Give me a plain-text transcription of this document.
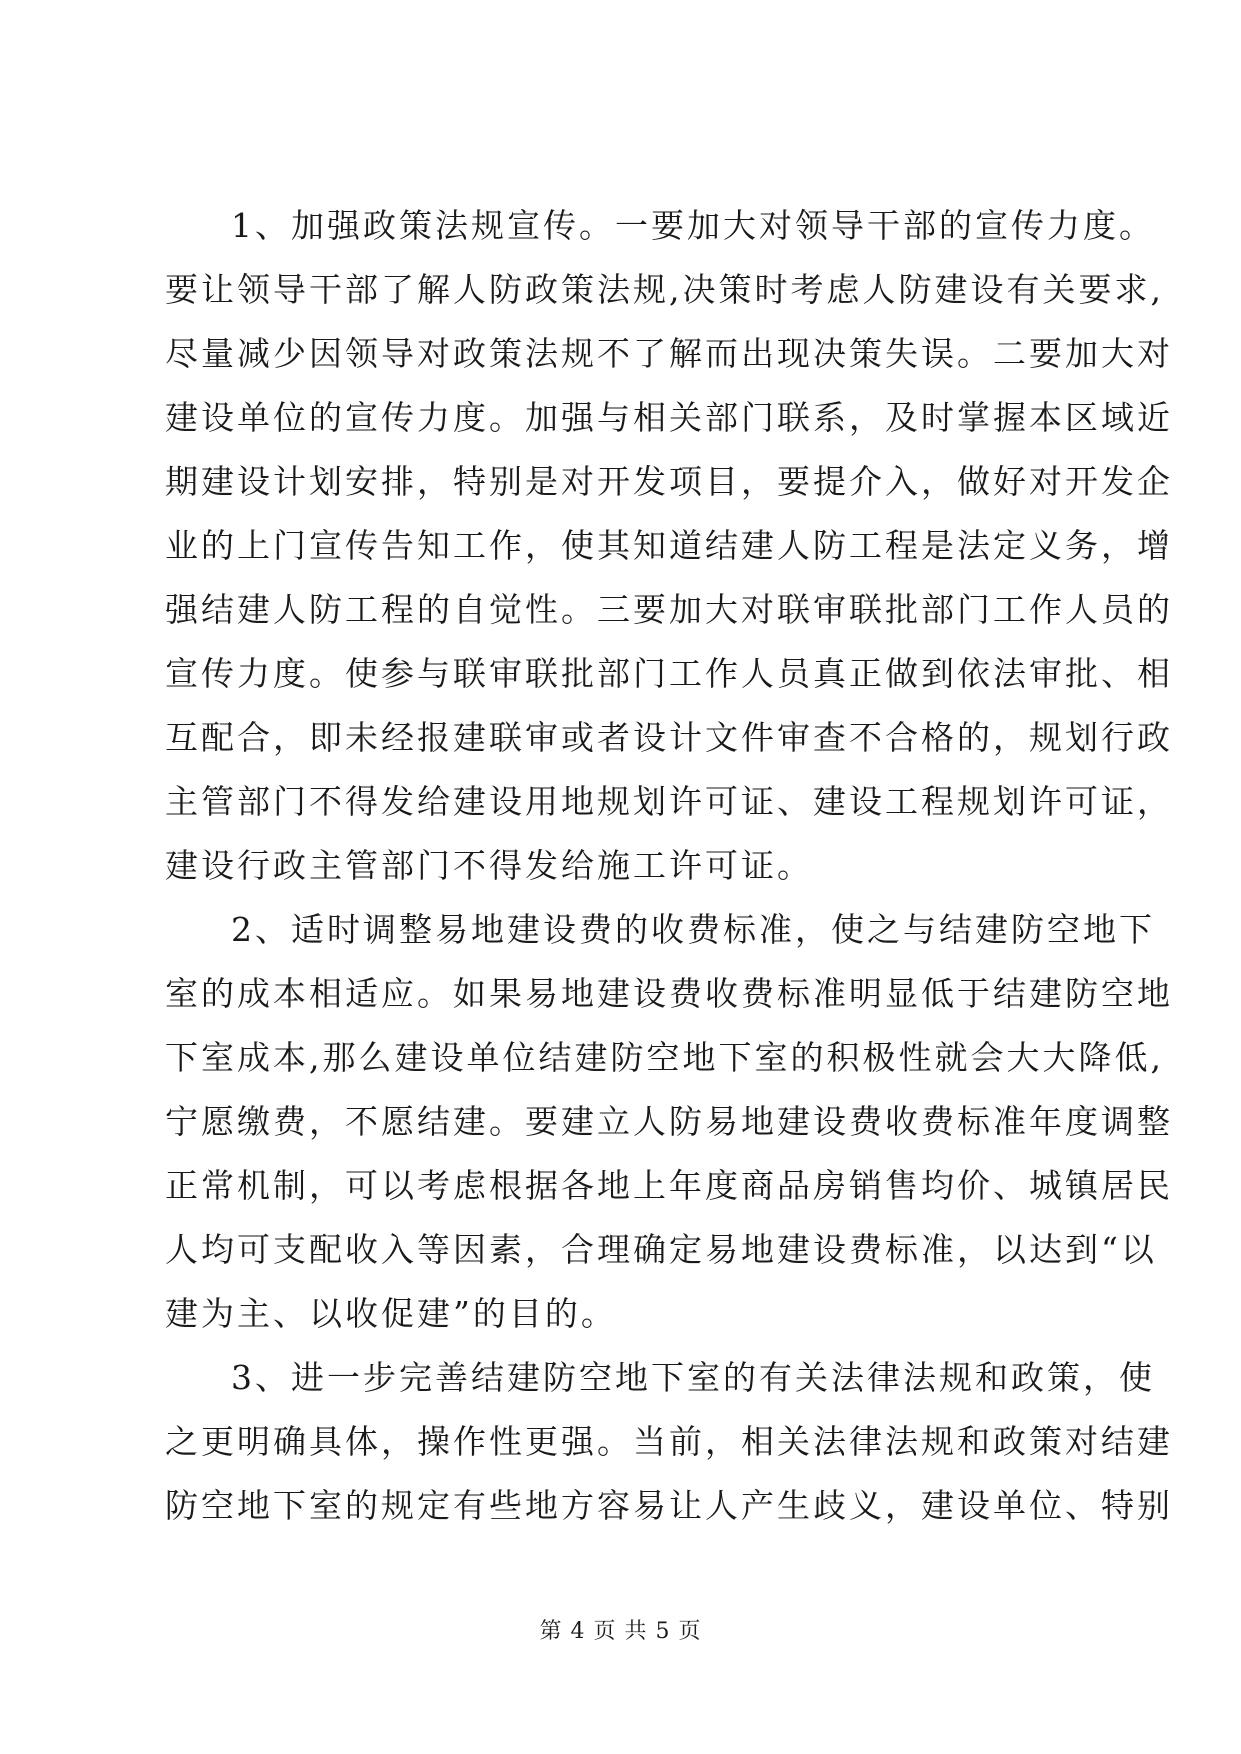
1、加强政策法规宣传。一要加大对领导干部的宣传力度。
要让领导干部了解人防政策法规,决策时考虑人防建设有关要求,
尽量减少因领导对政策法规不了解而出现决策失误。二要加大对
建设单位的宣传力度。加强与相关部门联系，及时掌握本区域近
期建设计划安排，特别是对开发项目，要提介入，做好对开发企
业的上门宣传告知工作，使其知道结建人防工程是法定义务，增
强结建人防工程的自觉性。三要加大对联审联批部门工作人员的
宣传力度。使参与联审联批部门工作人员真正做到依法审批、相
互配合，即未经报建联审或者设计文件审查不合格的，规划行政
主管部门不得发给建设用地规划许可证、建设工程规划许可证，
建设行政主管部门不得发给施工许可证。
2、适时调整易地建设费的收费标准，使之与结建防空地下
室的成本相适应。如果易地建设费收费标准明显低于结建防空地
下室成本,那么建设单位结建防空地下室的积极性就会大大降低,
宁愿缴费，不愿结建。要建立人防易地建设费收费标准年度调整
正常机制，可以考虑根据各地上年度商品房销售均价、城镇居民
人均可支配收入等因素，合理确定易地建设费标准，以达到“以
建为主、以收促建”的目的。
3、进一步完善结建防空地下室的有关法律法规和政策，使
之更明确具体，操作性更强。当前，相关法律法规和政策对结建
防空地下室的规定有些地方容易让人产生歧义，建设单位、特别
第 4 页 共 5 页
